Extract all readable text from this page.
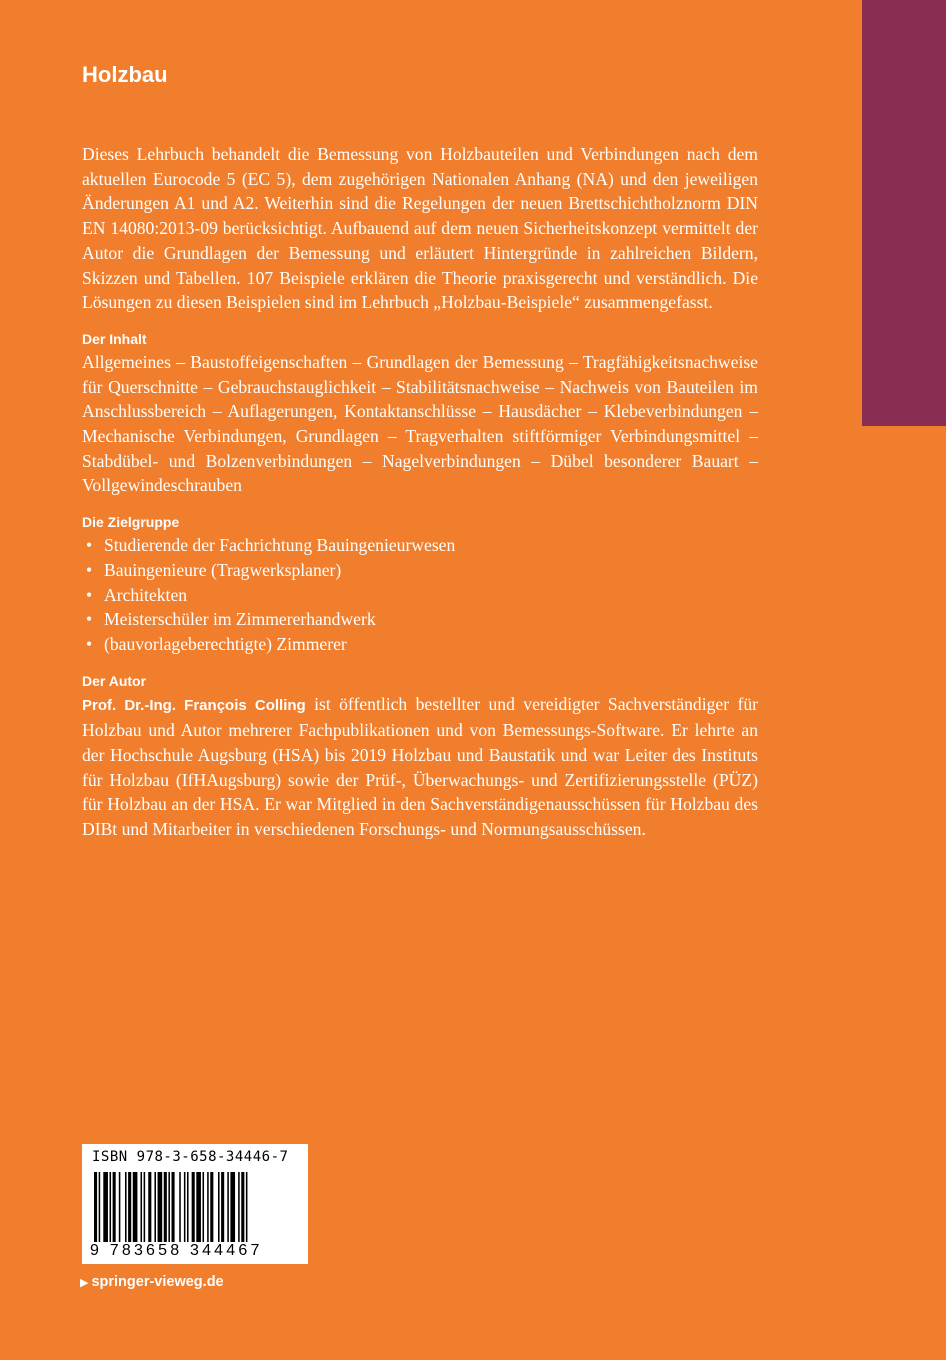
Holzbau

Dieses Lehrbuch behandelt die Bemessung von Holzbauteilen und Verbindungen nach dem aktuellen Eurocode 5 (EC 5), dem zugehörigen Nationalen Anhang (NA) und den jeweiligen Änderungen A1 und A2. Weiterhin sind die Regelungen der neuen Brettschichtholznorm DIN EN 14080:2013-09 berücksichtigt. Aufbauend auf dem neuen Sicherheitskonzept vermittelt der Autor die Grundlagen der Bemessung und erläutert Hintergründe in zahlreichen Bildern, Skizzen und Tabellen. 107 Beispiele erklären die Theorie praxisgerecht und verständlich. Die Lösungen zu diesen Beispielen sind im Lehrbuch „Holzbau-Beispiele“ zusammengefasst.

Der Inhalt

Allgemeines – Baustoffeigenschaften – Grundlagen der Bemessung – Tragfähigkeitsnachweise für Querschnitte – Gebrauchstauglichkeit – Stabilitätsnachweise – Nachweis von Bauteilen im Anschlussbereich – Auflagerungen, Kontaktanschlüsse – Hausdächer – Klebeverbindungen – Mechanische Verbindungen, Grundlagen – Tragverhalten stiftförmiger Verbindungsmittel – Stabdübel- und Bolzenverbindungen – Nagelverbindungen – Dübel besonderer Bauart – Vollgewindeschrauben

Die Zielgruppe
• Studierende der Fachrichtung Bauingenieurwesen
• Bauingenieure (Tragwerksplaner)
• Architekten
• Meisterschüler im Zimmererhandwerk
• (bauvorlageberechtigte) Zimmerer
Der Autor

Prof. Dr.-Ing. François Colling ist öffentlich bestellter und vereidigter Sachverständiger für Holzbau und Autor mehrerer Fachpublikationen und von Bemessungs-Software. Er lehrte an der Hochschule Augsburg (HSA) bis 2019 Holzbau und Baustatik und war Leiter des Instituts für Holzbau (IfHAugsburg) sowie der Prüf-, Überwachungs- und Zertifizierungsstelle (PÜZ) für Holzbau an der HSA. Er war Mitglied in den Sachverständigenausschüssen für Holzbau des DIBt und Mitarbeiter in verschiedenen Forschungs- und Normungsausschüssen.

ISBN 978-3-658-34446-7
9 783658 344467
▶ springer-vieweg.de
